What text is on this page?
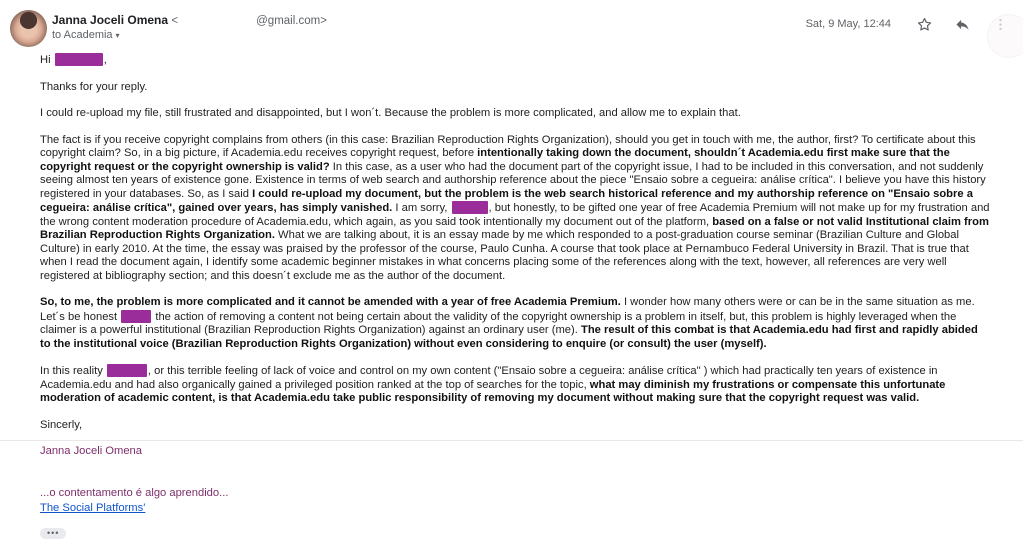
Janna Joceli Omena <	@gmail.com>
to Academia ▾
Sat, 9 May, 12:44
Hi	,
Thanks for your reply.
I could re-upload my file, still frustrated and disappointed, but I won´t. Because the problem is more complicated, and allow me to explain that.
The fact is if you receive copyright complains from others (in this case: Brazilian Reproduction Rights Organization), should you get in touch with me, the author, first? To certificate about this copyright claim? So, in a big picture, if Academia.edu receives copyright request, before intentionally taking down the document, shouldn´t Academia.edu first make sure that the copyright request or the copyright ownership is valid? In this case, as a user who had the document part of the copyright issue, I had to be included in this conversation, and not suddenly seeing almost ten years of existence gone. Existence in terms of web search and authorship reference about the piece "Ensaio sobre a cegueira: análise crítica". I believe you have this history registered in your databases. So, as I said I could re-upload my document, but the problem is the web search historical reference and my authorship reference on "Ensaio sobre a cegueira: análise crítica", gained over years, has simply vanished. I am sorry,	, but honestly, to be gifted one year of free Academia Premium will not make up for my frustration and the wrong content moderation procedure of Academia.edu, which again, as you said took intentionally my document out of the platform, based on a false or not valid Institutional claim from Brazilian Reproduction Rights Organization. What we are talking about, it is an essay made by me which responded to a post-graduation course seminar (Brazilian Culture and Global Culture) in early 2010. At the time, the essay was praised by the professor of the course, Paulo Cunha. A course that took place at Pernambuco Federal University in Brazil. That is true that when I read the document again, I identify some academic beginner mistakes in what concerns placing some of the references along with the text, however, all references are very well registered at bibliography section; and this doesn´t exclude me as the author of the document.
So, to me, the problem is more complicated and it cannot be amended with a year of free Academia Premium. I wonder how many others were or can be in the same situation as me. Let´s be honest	the action of removing a content not being certain about the validity of the copyright ownership is a problem in itself, but, this problem is highly leveraged when the claimer is a powerful institutional (Brazilian Reproduction Rights Organization) against an ordinary user (me). The result of this combat is that Academia.edu had first and rapidly abided to the institutional voice (Brazilian Reproduction Rights Organization) without even considering to enquire (or consult) the user (myself).
In this reality	, or this terrible feeling of lack of voice and control on my own content ("Ensaio sobre a cegueira: análise crítica" ) which had practically ten years of existence in Academia.edu and had also organically gained a privileged position ranked at the top of searches for the topic, what may diminish my frustrations or compensate this unfortunate moderation of academic content, is that Academia.edu take public responsibility of removing my document without making sure that the copyright request was valid.
Sincerly,
Janna Joceli Omena
...o contentamento é algo aprendido...
The Social Platforms'
•••
